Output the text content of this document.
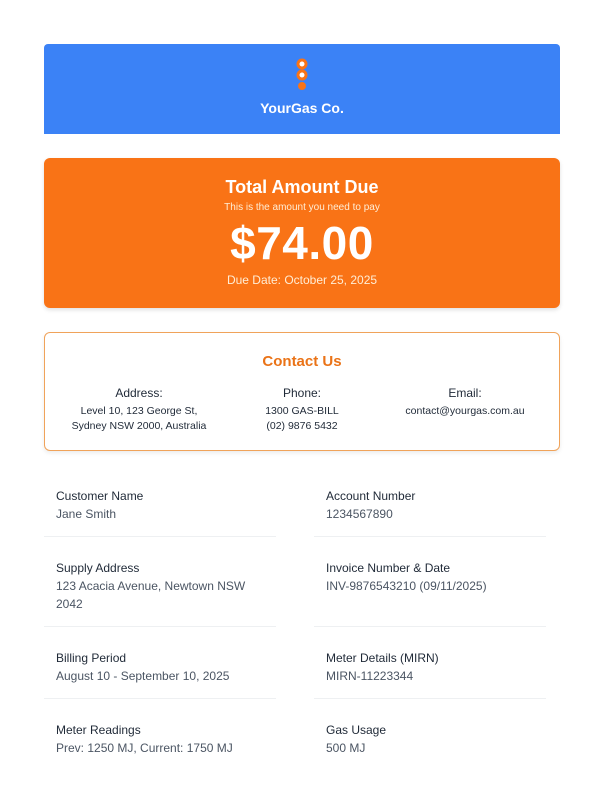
YourGas Co.
Total Amount Due
This is the amount you need to pay
$74.00
Due Date: October 25, 2025
Contact Us
Address:
Level 10, 123 George St,
Sydney NSW 2000, Australia
Phone:
1300 GAS-BILL
(02) 9876 5432
Email:
contact@yourgas.com.au
Customer Name
Jane Smith
Account Number
1234567890
Supply Address
123 Acacia Avenue, Newtown NSW 2042
Invoice Number & Date
INV-9876543210 (09/11/2025)
Billing Period
August 10 - September 10, 2025
Meter Details (MIRN)
MIRN-11223344
Meter Readings
Prev: 1250 MJ, Current: 1750 MJ
Gas Usage
500 MJ
